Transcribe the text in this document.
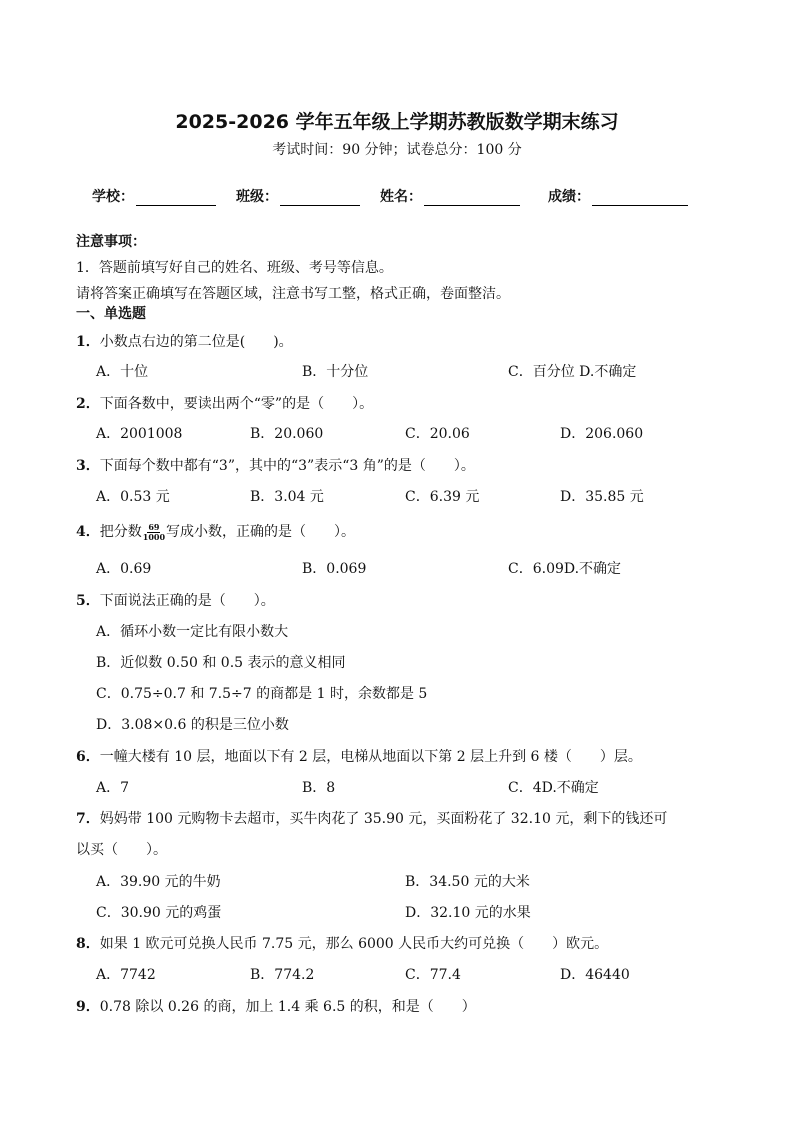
2025-2026 学年五年级上学期苏教版数学期末练习
考试时间：90 分钟；试卷总分：100 分
学校：	班级：	姓名：	成绩：
注意事项：
1．答题前填写好自己的姓名、班级、考号等信息。
请将答案正确填写在答题区域，注意书写工整，格式正确，卷面整洁。
一、单选题
1．小数点右边的第二位是(　　)。
A．十位	B．十分位	C．百分位 D.不确定
2．下面各数中，要读出两个“零”的是（　　）。
A．2001008	B．20.060	C．20.06	D．206.060
3．下面每个数中都有“3”，其中的“3”表示“3 角”的是（　　）。
A．0.53 元	B．3.04 元	C．6.39 元	D．35.85 元
4．把分数 $\frac{69}{1000}$ 写成小数，正确的是（　　）。
A．0.69	B．0.069	C．6.09D.不确定
5．下面说法正确的是（　　）。
A．循环小数一定比有限小数大
B．近似数 0.50 和 0.5 表示的意义相同
C．0.75÷0.7 和 7.5÷7 的商都是 1 时，余数都是 5
D．3.08×0.6 的积是三位小数
6．一幢大楼有 10 层，地面以下有 2 层，电梯从地面以下第 2 层上升到 6 楼（　　）层。
A．7	B．8	C．4D.不确定
7．妈妈带 100 元购物卡去超市，买牛肉花了 35.90 元，买面粉花了 32.10 元，剩下的钱还可
以买（　　）。
A．39.90 元的牛奶	B．34.50 元的大米
C．30.90 元的鸡蛋	D．32.10 元的水果
8．如果 1 欧元可兑换人民币 7.75 元，那么 6000 人民币大约可兑换（　　）欧元。
A．7742	B．774.2	C．77.4	D．46440
9．0.78 除以 0.26 的商，加上 1.4 乘 6.5 的积，和是（　　）
